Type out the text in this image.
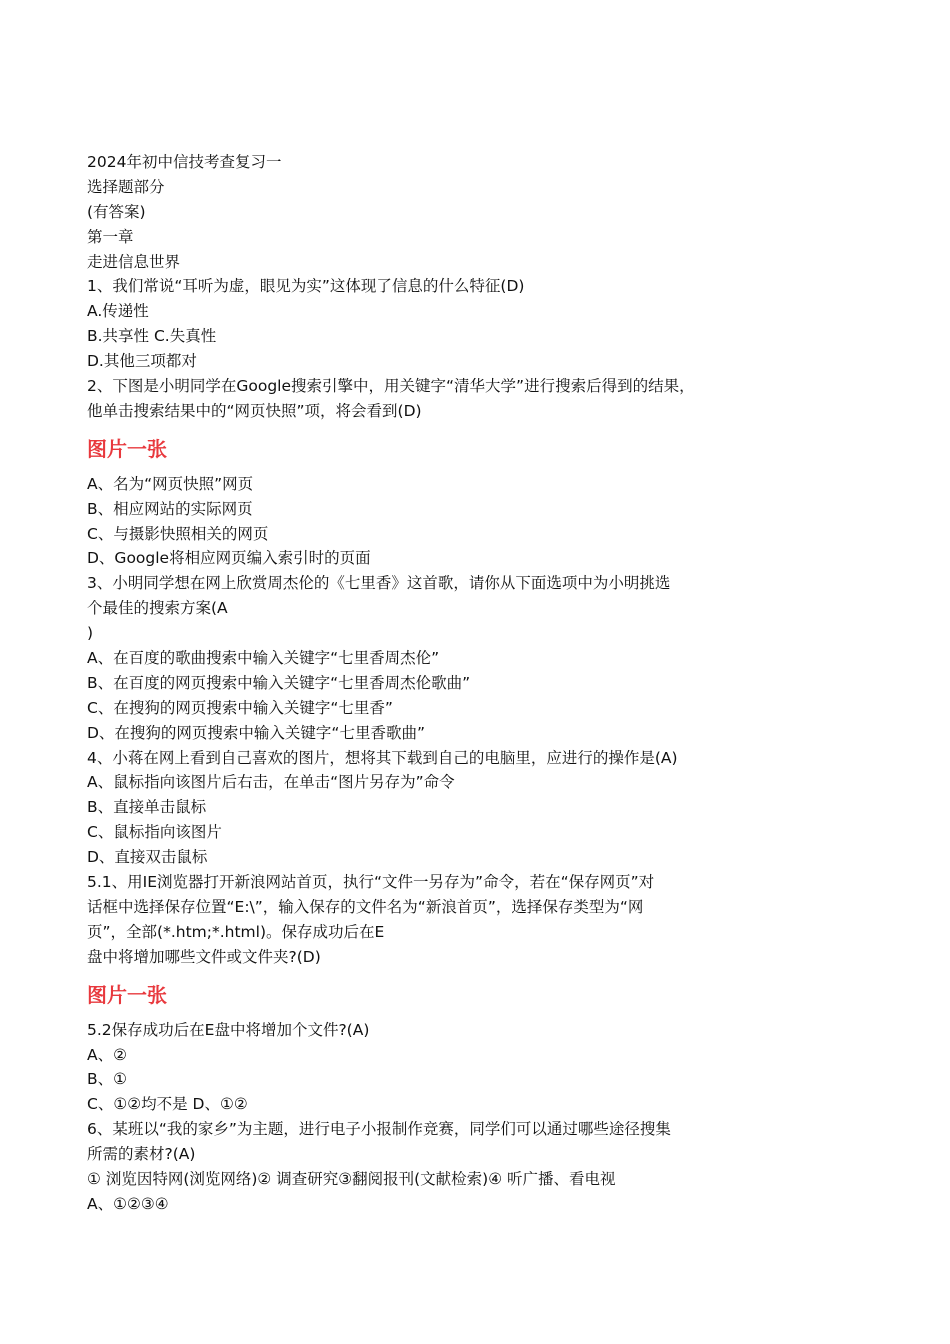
2024年初中信技考查复习一
选择题部分
(有答案)
第一章
走进信息世界
1、我们常说“耳听为虚，眼见为实”这体现了信息的什么特征(D)
A.传递性
B.共享性 C.失真性
D.其他三项都对
2、下图是小明同学在Google搜索引擎中，用关键字“清华大学”进行搜索后得到的结果，
他单击搜索结果中的“网页快照”项，将会看到(D)
图片一张
A、名为“网页快照”网页
B、相应网站的实际网页
C、与摄影快照相关的网页
D、Google将相应网页编入索引时的页面
3、小明同学想在网上欣赏周杰伦的《七里香》这首歌，请你从下面选项中为小明挑选
个最佳的搜索方案(A
)
A、在百度的歌曲搜索中输入关键字“七里香周杰伦”
B、在百度的网页搜索中输入关键字“七里香周杰伦歌曲”
C、在搜狗的网页搜索中输入关键字“七里香”
D、在搜狗的网页搜索中输入关键字“七里香歌曲”
4、小蒋在网上看到自己喜欢的图片，想将其下载到自己的电脑里，应进行的操作是(A)
A、鼠标指向该图片后右击，在单击“图片另存为”命令
B、直接单击鼠标
C、鼠标指向该图片
D、直接双击鼠标
5.1、用IE浏览器打开新浪网站首页，执行“文件一另存为”命令，若在“保存网页”对
话框中选择保存位置“E:\”，输入保存的文件名为“新浪首页”，选择保存类型为“网
页”，全部(*.htm;*.html)。保存成功后在E
盘中将增加哪些文件或文件夹?(D)
图片一张
5.2保存成功后在E盘中将增加个文件?(A)
A、②
B、①
C、①②均不是 D、①②
6、某班以“我的家乡”为主题，进行电子小报制作竞赛，同学们可以通过哪些途径搜集
所需的素材?(A)
① 浏览因特网(浏览网络)② 调查研究③翻阅报刊(文献检索)④ 听广播、看电视
A、①②③④
